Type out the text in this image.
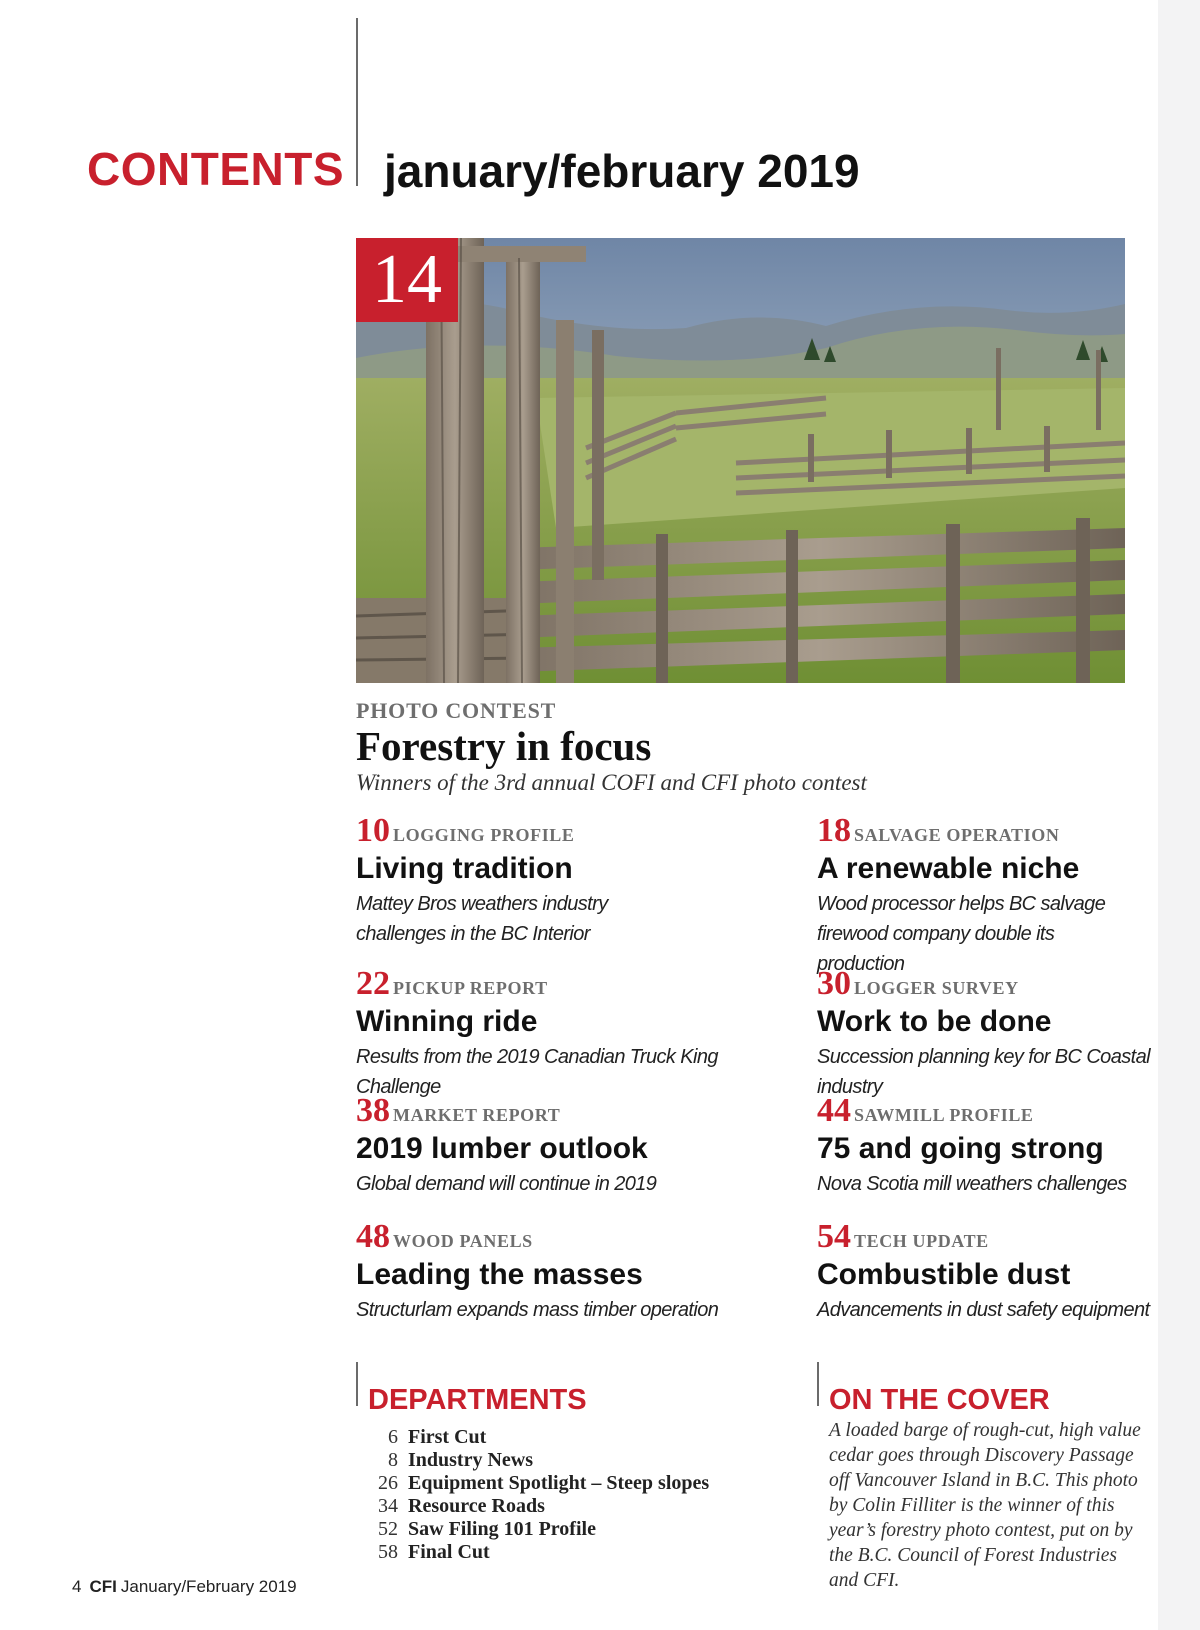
CONTENTS january/february 2019
14
PHOTO CONTEST
Forestry in focus
Winners of the 3rd annual COFI and CFI photo contest
10 LOGGING PROFILE
Living tradition
Mattey Bros weathers industry challenges in the BC Interior
18 SALVAGE OPERATION
A renewable niche
Wood processor helps BC salvage firewood company double its production
22 PICKUP REPORT
Winning ride
Results from the 2019 Canadian Truck King Challenge
30 LOGGER SURVEY
Work to be done
Succession planning key for BC Coastal industry
38 MARKET REPORT
2019 lumber outlook
Global demand will continue in 2019
44 SAWMILL PROFILE
75 and going strong
Nova Scotia mill weathers challenges
48 WOOD PANELS
Leading the masses
Structurlam expands mass timber operation
54 TECH UPDATE
Combustible dust
Advancements in dust safety equipment
DEPARTMENTS
6 First Cut
8 Industry News
26 Equipment Spotlight – Steep slopes
34 Resource Roads
52 Saw Filing 101 Profile
58 Final Cut
ON THE COVER

A loaded barge of rough-cut, high value cedar goes through Discovery Passage off Vancouver Island in B.C. This photo by Colin Filliter is the winner of this year’s forestry photo contest, put on by the B.C. Council of Forest Industries and CFI.

4 CFI January/February 2019
